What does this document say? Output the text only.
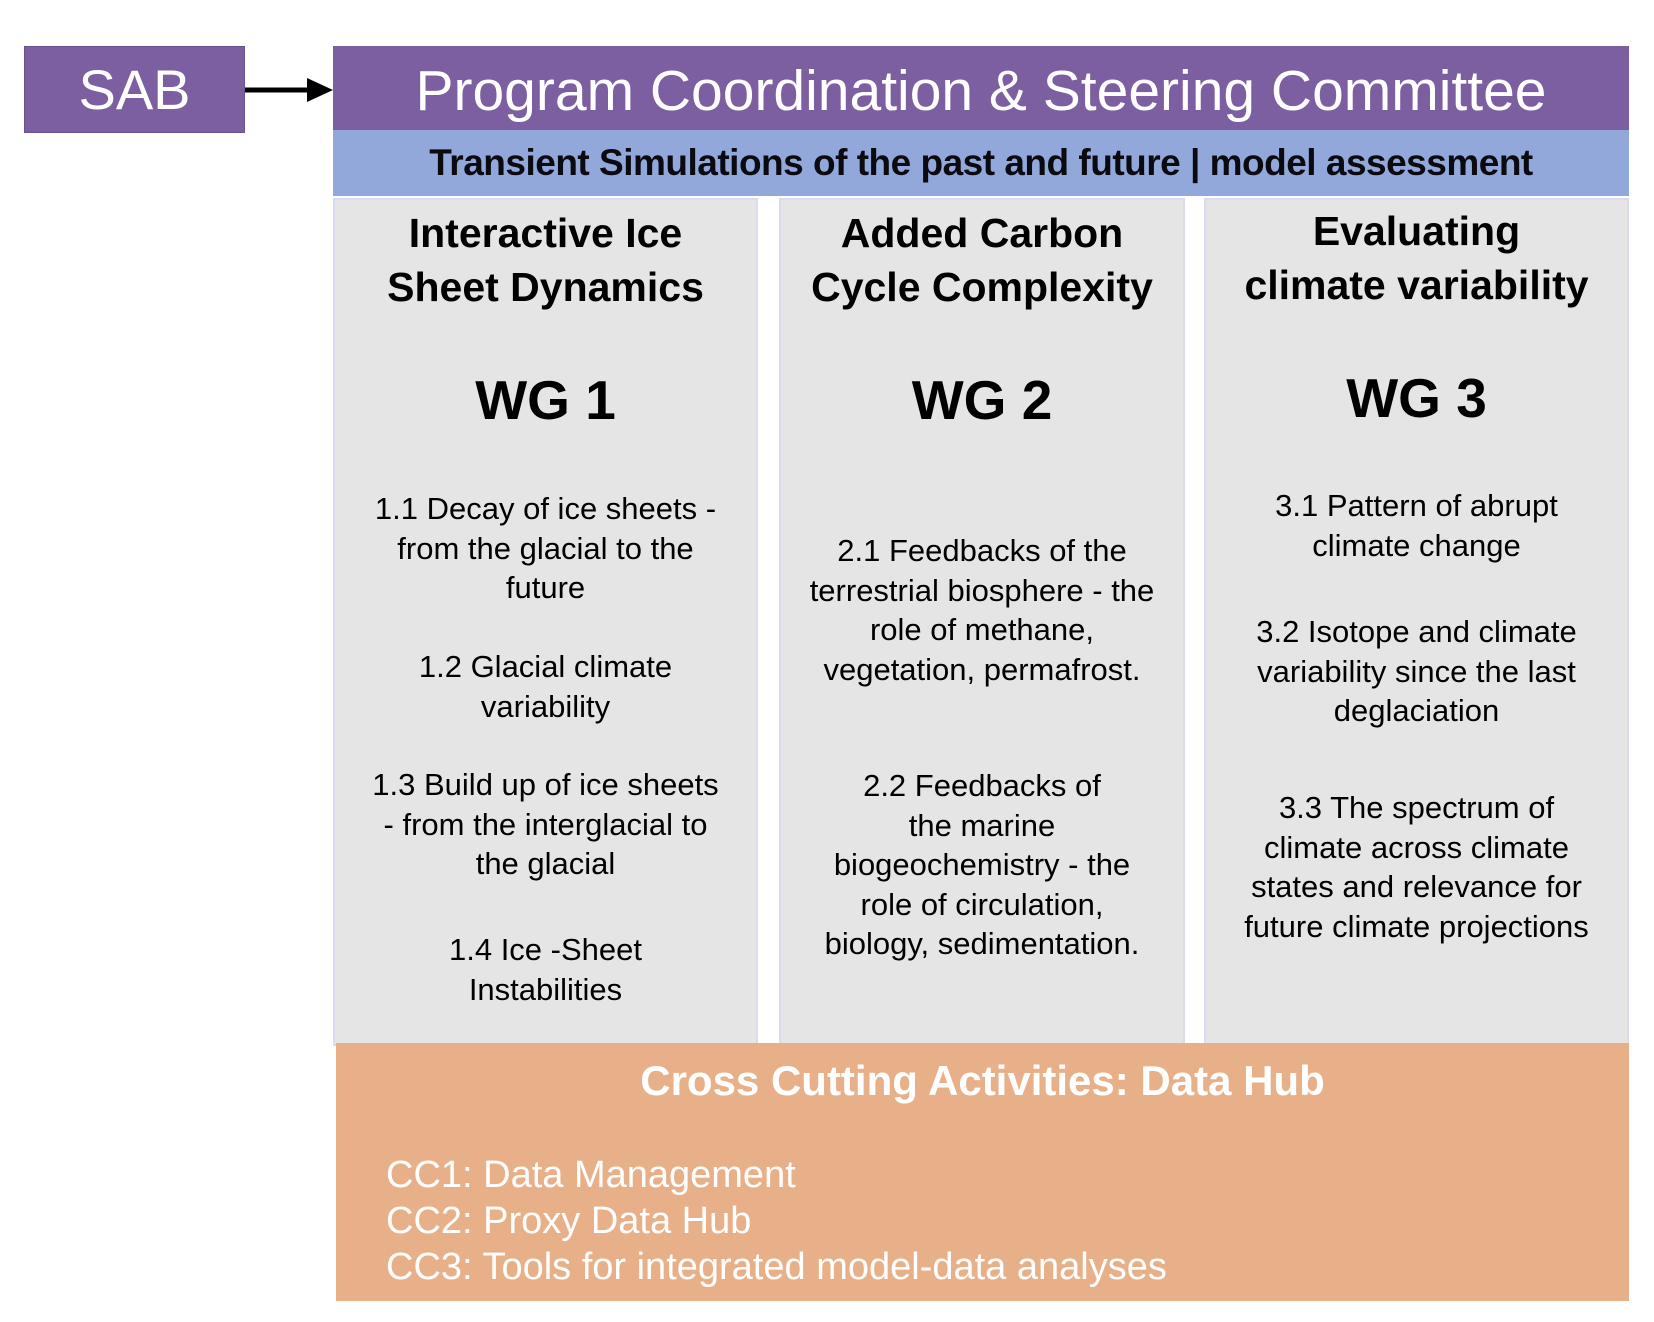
SAB	Program Coordination & Steering Committee
Transient Simulations of the past and future | model assessment
Interactive Ice
Sheet Dynamics
WG 1
1.1 Decay of ice sheets -
from the glacial to the
future
1.2 Glacial climate
variability
1.3 Build up of ice sheets
- from the interglacial to
the glacial
1.4 Ice -Sheet
Instabilities
Added Carbon
Cycle Complexity
WG 2
2.1 Feedbacks of the
terrestrial biosphere - the
role of methane,
vegetation, permafrost.
2.2 Feedbacks of
the marine
biogeochemistry - the
role of circulation,
biology, sedimentation.
Evaluating
climate variability
WG 3
3.1 Pattern of abrupt
climate change
3.2 Isotope and climate
variability since the last
deglaciation
3.3 The spectrum of
climate across climate
states and relevance for
future climate projections
Cross Cutting Activities: Data Hub
CC1: Data Management
CC2: Proxy Data Hub
CC3: Tools for integrated model-data analyses
